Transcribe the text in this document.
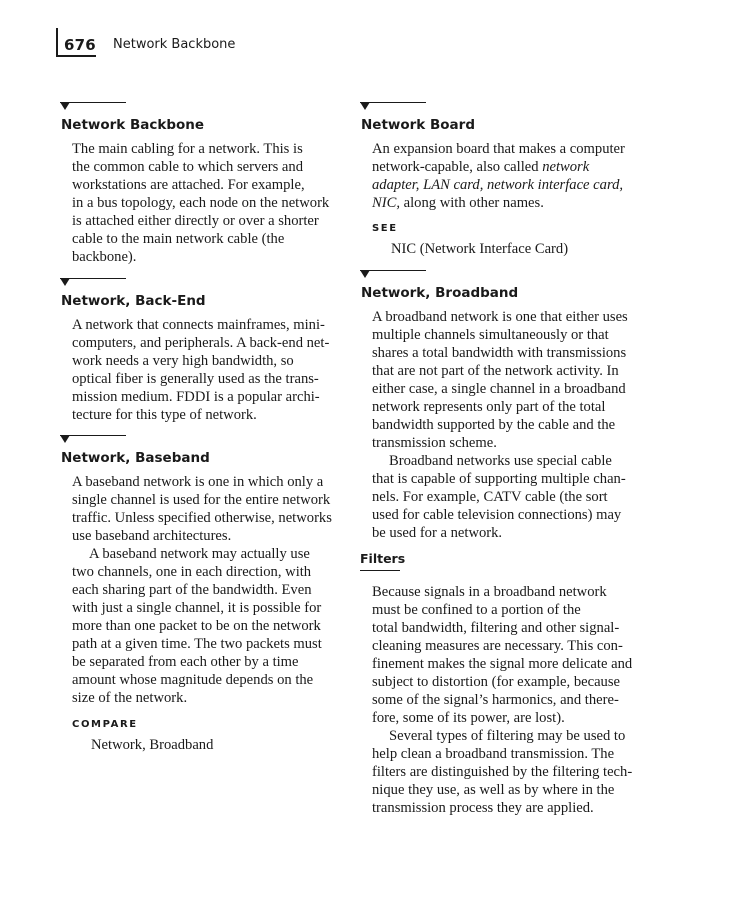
676 Network Backbone
Network Backbone
The main cabling for a network. This is
the common cable to which servers and
workstations are attached. For example,
in a bus topology, each node on the network
is attached either directly or over a shorter
cable to the main network cable (the
backbone).
Network, Back-End
A network that connects mainframes, mini-
computers, and peripherals. A back-end net-
work needs a very high bandwidth, so
optical fiber is generally used as the trans-
mission medium. FDDI is a popular archi-
tecture for this type of network.
Network, Baseband
A baseband network is one in which only a
single channel is used for the entire network
traffic. Unless specified otherwise, networks
use baseband architectures.
A baseband network may actually use
two channels, one in each direction, with
each sharing part of the bandwidth. Even
with just a single channel, it is possible for
more than one packet to be on the network
path at a given time. The two packets must
be separated from each other by a time
amount whose magnitude depends on the
size of the network.
COMPARE
Network, Broadband
Network Board
An expansion board that makes a computer
network-capable, also called network
adapter, LAN card, network interface card,
NIC, along with other names.
SEE
NIC (Network Interface Card)
Network, Broadband
A broadband network is one that either uses
multiple channels simultaneously or that
shares a total bandwidth with transmissions
that are not part of the network activity. In
either case, a single channel in a broadband
network represents only part of the total
bandwidth supported by the cable and the
transmission scheme.
Broadband networks use special cable
that is capable of supporting multiple chan-
nels. For example, CATV cable (the sort
used for cable television connections) may
be used for a network.
Filters
Because signals in a broadband network
must be confined to a portion of the
total bandwidth, filtering and other signal-
cleaning measures are necessary. This con-
finement makes the signal more delicate and
subject to distortion (for example, because
some of the signal’s harmonics, and there-
fore, some of its power, are lost).
Several types of filtering may be used to
help clean a broadband transmission. The
filters are distinguished by the filtering tech-
nique they use, as well as by where in the
transmission process they are applied.
